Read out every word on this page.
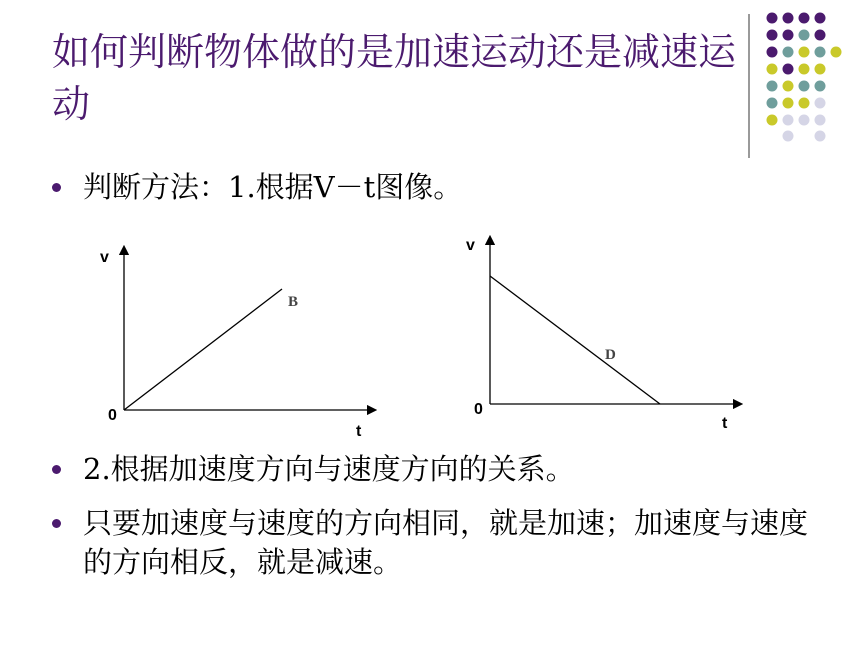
如何判断物体做的是加速运动还是减速运动
判断方法：1.根据V－t图像。
v
t
0
B
v
t
0
D
2.根据加速度方向与速度方向的关系。
只要加速度与速度的方向相同，就是加速；加速度与速度的方向相反，就是减速。
